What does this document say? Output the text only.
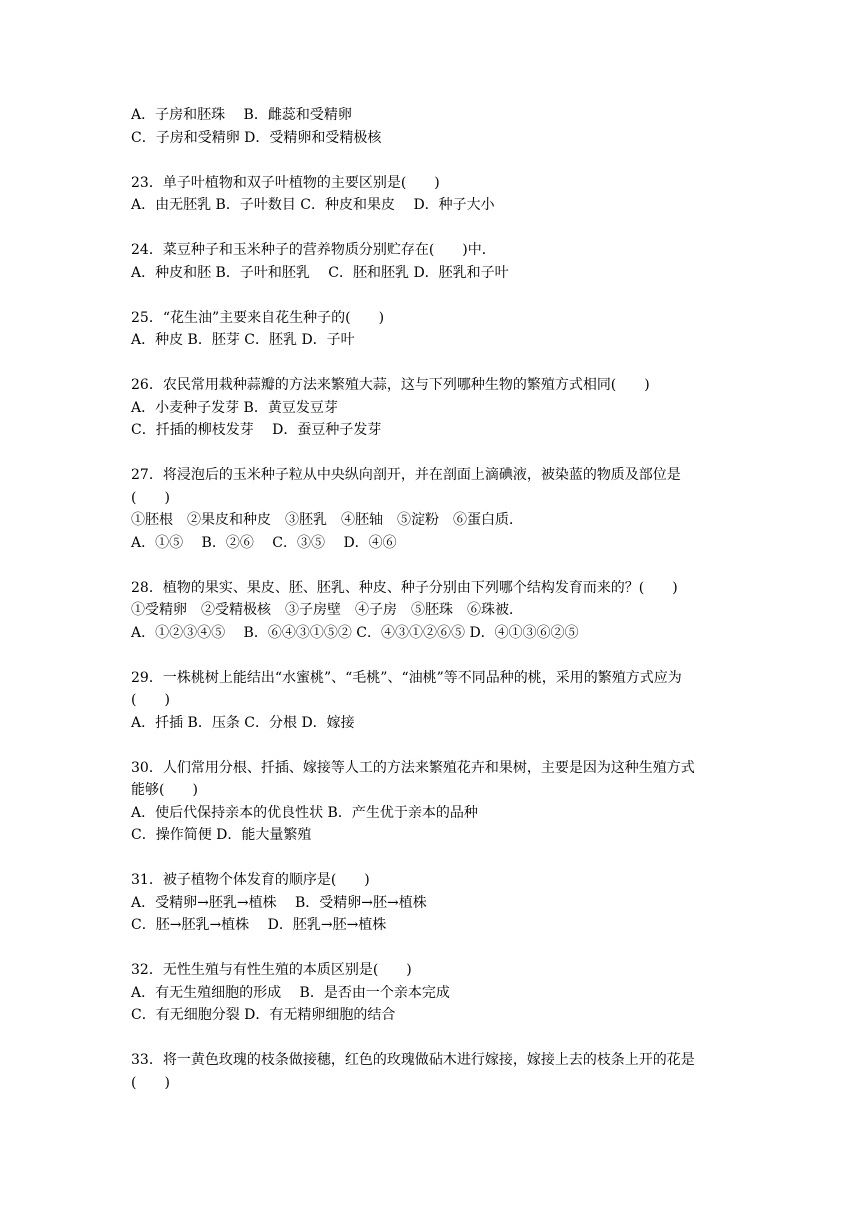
A．子房和胚珠　 B．雌蕊和受精卵
C．子房和受精卵 D．受精卵和受精极核
23．单子叶植物和双子叶植物的主要区别是(　　)
A．由无胚乳 B．子叶数目 C．种皮和果皮　 D．种子大小
24．菜豆种子和玉米种子的营养物质分别贮存在(　　)中．
A．种皮和胚 B．子叶和胚乳　 C．胚和胚乳 D．胚乳和子叶
25．“花生油”主要来自花生种子的(　　)
A．种皮 B．胚芽 C．胚乳 D．子叶
26．农民常用栽种蒜瓣的方法来繁殖大蒜，这与下列哪种生物的繁殖方式相同(　　)
A．小麦种子发芽 B．黄豆发豆芽
C．扦插的柳枝发芽　 D．蚕豆种子发芽
27．将浸泡后的玉米种子粒从中央纵向剖开，并在剖面上滴碘液，被染蓝的物质及部位是
(　　)
①胚根　②果皮和种皮　③胚乳　④胚轴　⑤淀粉　⑥蛋白质．
A．①⑤　 B．②⑥　 C．③⑤　 D．④⑥
28．植物的果实、果皮、胚、胚乳、种皮、种子分别由下列哪个结构发育而来的？(　　)
①受精卵　②受精极核　③子房壁　④子房　⑤胚珠　⑥珠被．
A．①②③④⑤　 B．⑥④③①⑤② C．④③①②⑥⑤ D．④①③⑥②⑤
29．一株桃树上能结出“水蜜桃”、“毛桃”、“油桃”等不同品种的桃，采用的繁殖方式应为
(　　)
A．扦插 B．压条 C．分根 D．嫁接
30．人们常用分根、扦插、嫁接等人工的方法来繁殖花卉和果树，主要是因为这种生殖方式
能够(　　)
A．使后代保持亲本的优良性状 B．产生优于亲本的品种
C．操作简便 D．能大量繁殖
31．被子植物个体发育的顺序是(　　)
A．受精卵→胚乳→植株　 B．受精卵→胚→植株
C．胚→胚乳→植株　 D．胚乳→胚→植株
32．无性生殖与有性生殖的本质区别是(　　)
A．有无生殖细胞的形成　 B．是否由一个亲本完成
C．有无细胞分裂 D．有无精卵细胞的结合
33．将一黄色玫瑰的枝条做接穗，红色的玫瑰做砧木进行嫁接，嫁接上去的枝条上开的花是
(　　)
